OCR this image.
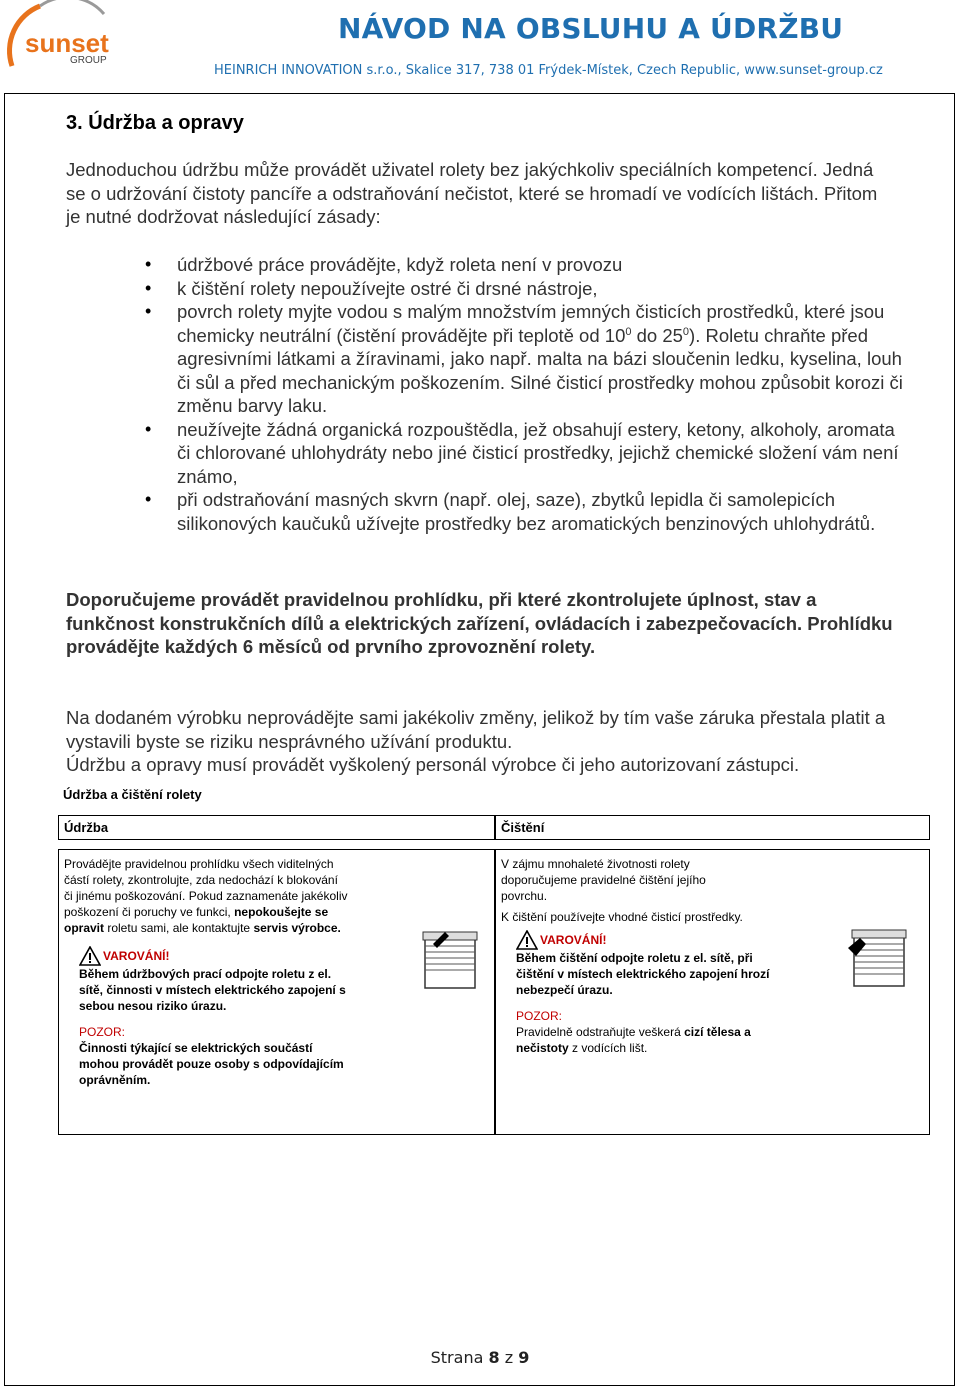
sunset
GROUP
NÁVOD NA OBSLUHU A ÚDRŽBU
HEINRICH INNOVATION s.r.o., Skalice 317, 738 01 Frýdek-Místek, Czech Republic, www.sunset-group.cz
3. Údržba a opravy
Jednoduchou údržbu může provádět uživatel rolety bez jakýchkoliv speciálních kompetencí. Jedná se o udržování čistoty pancíře a odstraňování nečistot, které se hromadí ve vodících lištách. Přitom je nutné dodržovat následující zásady:
• údržbové práce provádějte, když roleta není v provozu
• k čištění rolety nepoužívejte ostré či drsné nástroje,
• povrch rolety myjte vodou s malým množstvím jemných čisticích prostředků, které jsou chemicky neutrální (čistění provádějte při teplotě od $10^0$ do $25^0$). Roletu chraňte před agresivními látkami a žíravinami, jako např. malta na bázi sloučenin ledku, kyselina, louh či sůl a před mechanickým poškozením. Silné čisticí prostředky mohou způsobit korozi či změnu barvy laku.
• neužívejte žádná organická rozpouštědla, jež obsahují estery, ketony, alkoholy, aromata či chlorované uhlohydráty nebo jiné čisticí prostředky, jejichž chemické složení vám není známo,
• při odstraňování masných skvrn (např. olej, saze), zbytků lepidla či samolepicích silikonových kaučuků užívejte prostředky bez aromatických benzinových uhlohydrátů.
Doporučujeme provádět pravidelnou prohlídku, při které zkontrolujete úplnost, stav a funkčnost konstrukčních dílů a elektrických zařízení, ovládacích i zabezpečovacích. Prohlídku provádějte každých 6 měsíců od prvního zprovoznění rolety.
Na dodaném výrobku neprovádějte sami jakékoliv změny, jelikož by tím vaše záruka přestala platit a vystavili byste se riziku nesprávného užívání produktu.
Údržbu a opravy musí provádět vyškolený personál výrobce či jeho autorizovaní zástupci.
Údržba a čištění rolety
Údržba	Čištění

Provádějte pravidelnou prohlídku všech viditelných částí rolety, zkontrolujte, zda nedochází k blokování či jinému poškozování. Pokud zaznamenáte jakékoliv poškození či poruchy ve funkci, nepokoušejte se opravit roletu sami, ale kontaktujte servis výrobce.

VAROVÁNÍ!

Během údržbových prací odpojte roletu z el. sítě, činnosti v místech elektrického zapojení s sebou nesou riziko úrazu.

POZOR:

Činnosti týkající se elektrických součástí mohou provádět pouze osoby s odpovídajícím oprávněním.

V zájmu mnohaleté životnosti rolety doporučujeme pravidelné čištění jejího povrchu.

K čištění používejte vhodné čisticí prostředky.

VAROVÁNÍ!

Během čištění odpojte roletu z el. sítě, při čištění v místech elektrického zapojení hrozí nebezpečí úrazu.

POZOR:

Pravidelně odstraňujte veškerá cizí tělesa a nečistoty z vodících lišt.

Strana 8 z 9
